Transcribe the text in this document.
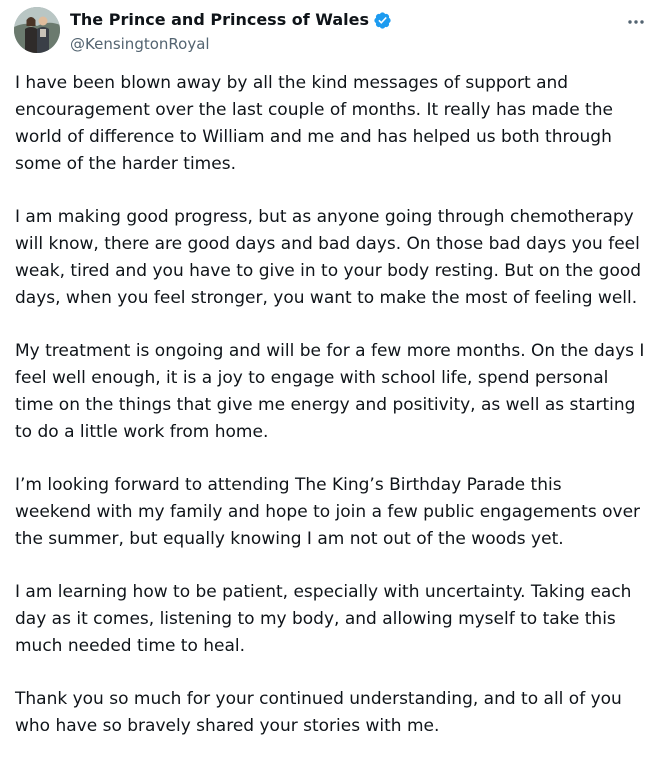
The Prince and Princess of Wales
@KensingtonRoyal

I have been blown away by all the kind messages of support and
encouragement over the last couple of months. It really has made the
world of difference to William and me and has helped us both through
some of the harder times.

I am making good progress, but as anyone going through chemotherapy
will know, there are good days and bad days. On those bad days you feel
weak, tired and you have to give in to your body resting. But on the good
days, when you feel stronger, you want to make the most of feeling well.

My treatment is ongoing and will be for a few more months. On the days I
feel well enough, it is a joy to engage with school life, spend personal
time on the things that give me energy and positivity, as well as starting
to do a little work from home.

I’m looking forward to attending The King’s Birthday Parade this
weekend with my family and hope to join a few public engagements over
the summer, but equally knowing I am not out of the woods yet.

I am learning how to be patient, especially with uncertainty. Taking each
day as it comes, listening to my body, and allowing myself to take this
much needed time to heal.

Thank you so much for your continued understanding, and to all of you
who have so bravely shared your stories with me.
